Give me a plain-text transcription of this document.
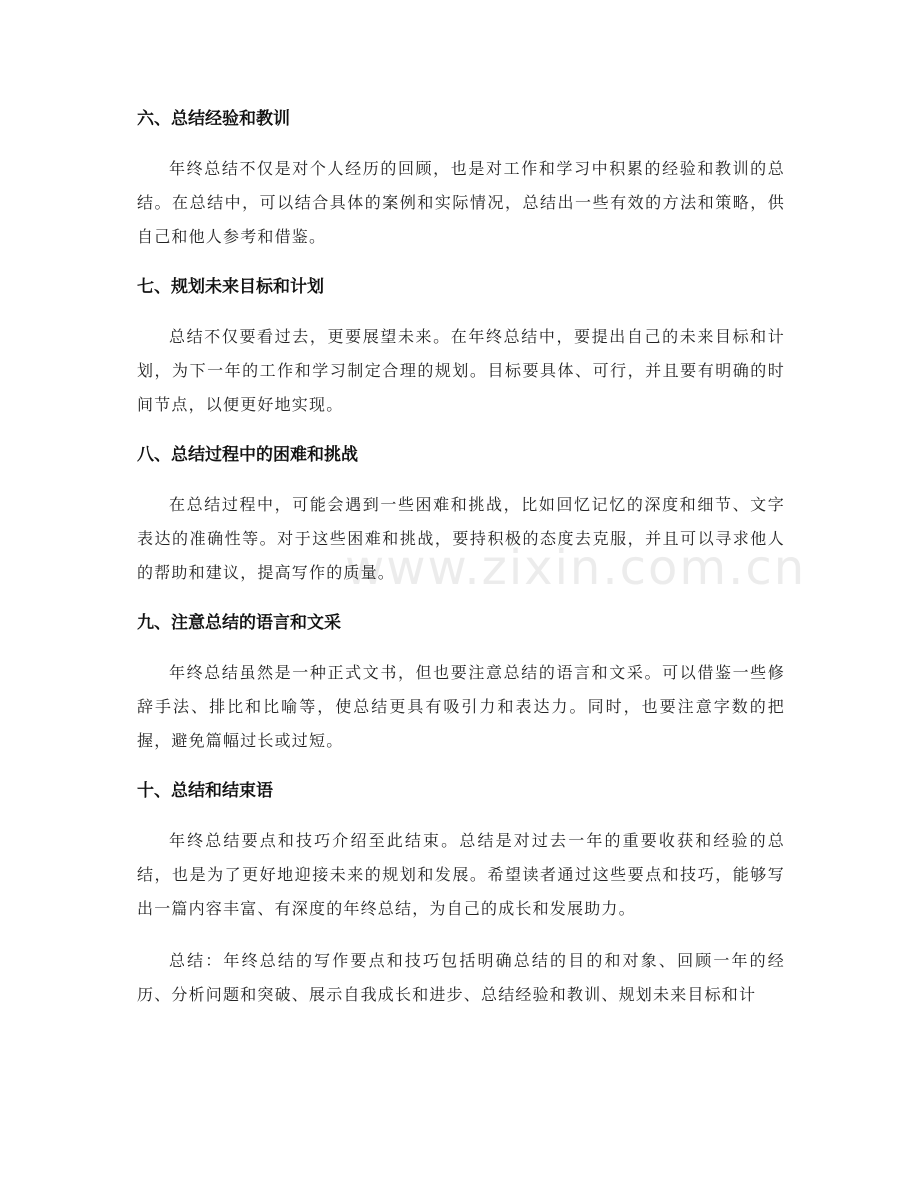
www.zixin.com.cn
六、总结经验和教训

年终总结不仅是对个人经历的回顾，也是对工作和学习中积累的经验和教训的总结。在总结中，可以结合具体的案例和实际情况，总结出一些有效的方法和策略，供自己和他人参考和借鉴。

七、规划未来目标和计划

总结不仅要看过去，更要展望未来。在年终总结中，要提出自己的未来目标和计划，为下一年的工作和学习制定合理的规划。目标要具体、可行，并且要有明确的时间节点，以便更好地实现。

八、总结过程中的困难和挑战

在总结过程中，可能会遇到一些困难和挑战，比如回忆记忆的深度和细节、文字表达的准确性等。对于这些困难和挑战，要持积极的态度去克服，并且可以寻求他人的帮助和建议，提高写作的质量。

九、注意总结的语言和文采

年终总结虽然是一种正式文书，但也要注意总结的语言和文采。可以借鉴一些修辞手法、排比和比喻等，使总结更具有吸引力和表达力。同时，也要注意字数的把握，避免篇幅过长或过短。

十、总结和结束语

年终总结要点和技巧介绍至此结束。总结是对过去一年的重要收获和经验的总结，也是为了更好地迎接未来的规划和发展。希望读者通过这些要点和技巧，能够写出一篇内容丰富、有深度的年终总结，为自己的成长和发展助力。

总结：年终总结的写作要点和技巧包括明确总结的目的和对象、回顾一年的经历、分析问题和突破、展示自我成长和进步、总结经验和教训、规划未来目标和计
